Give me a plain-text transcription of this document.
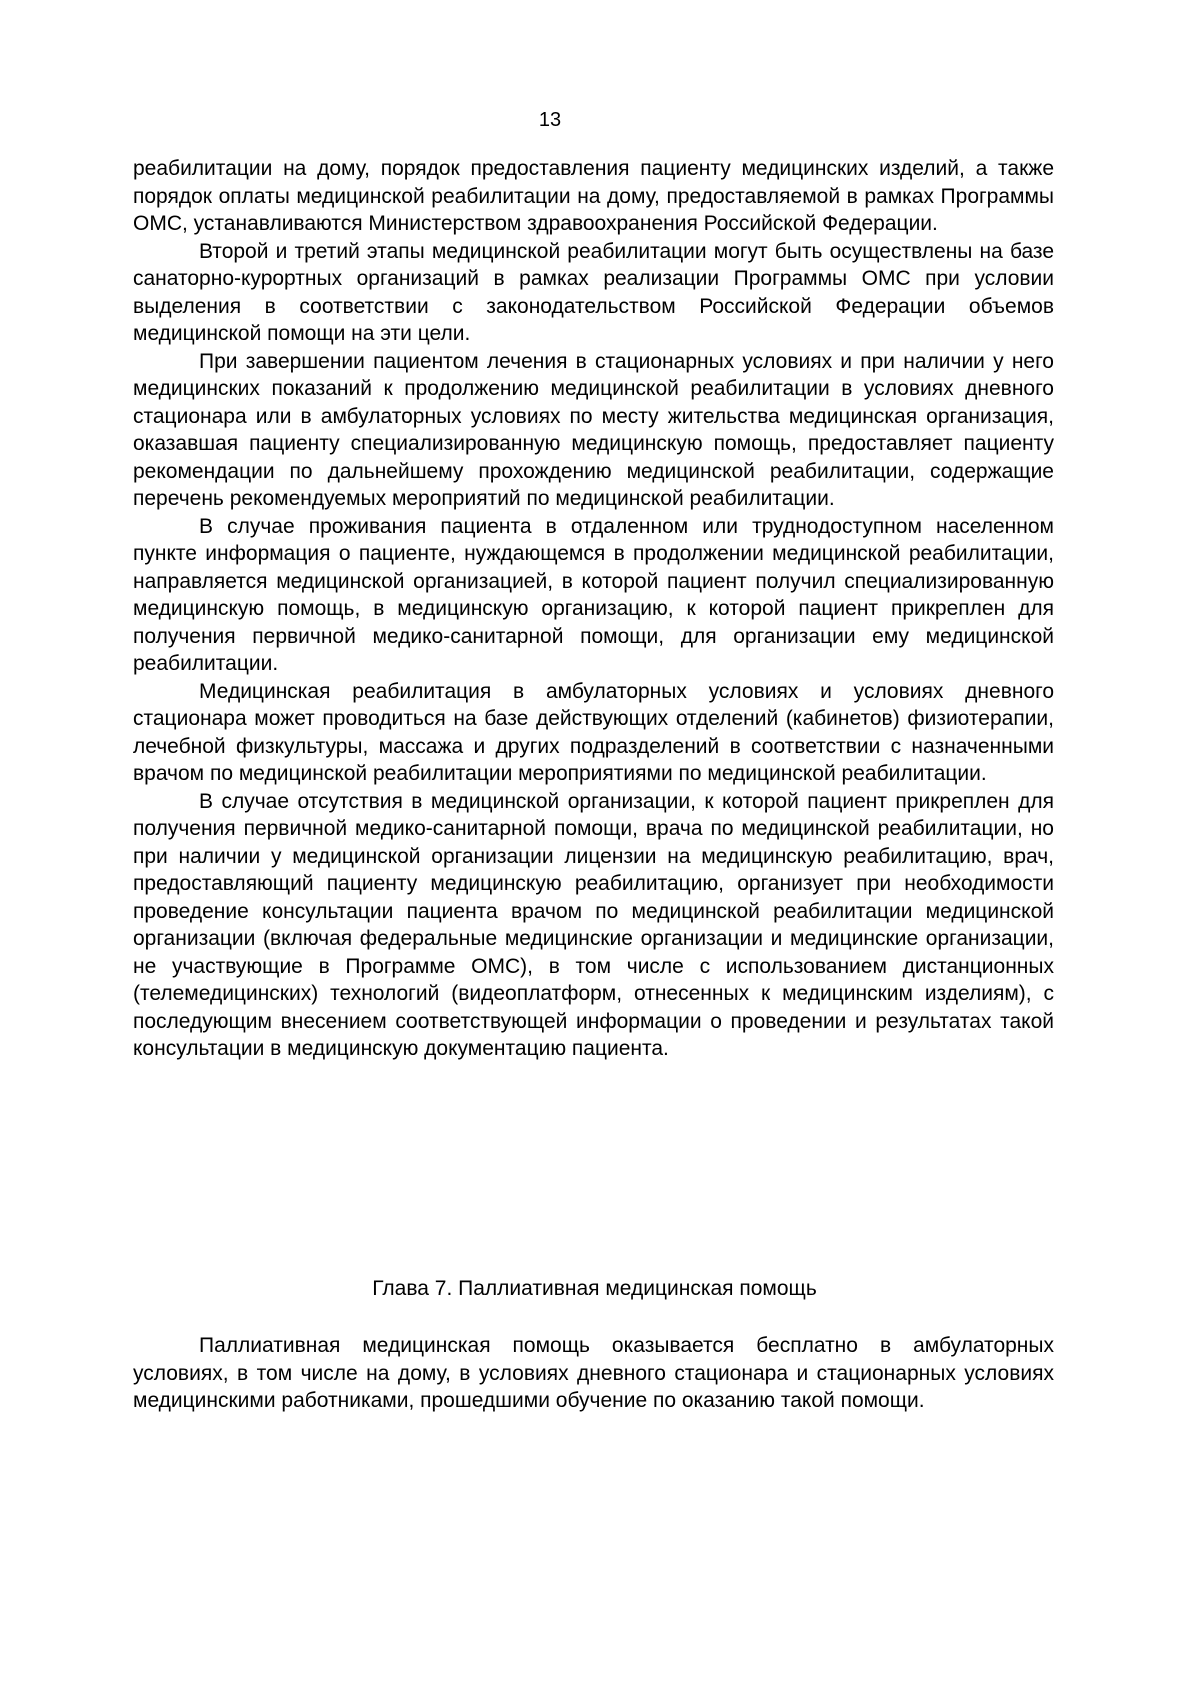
13

реабилитации на дому, порядок предоставления пациенту медицинских изделий, а также порядок оплаты медицинской реабилитации на дому, предоставляемой в рамках Программы ОМС, устанавливаются Министерством здравоохранения Российской Федерации.

Второй и третий этапы медицинской реабилитации могут быть осуществлены на базе санаторно-курортных организаций в рамках реализации Программы ОМС при условии выделения в соответствии с законодательством Российской Федерации объемов медицинской помощи на эти цели.

При завершении пациентом лечения в стационарных условиях и при наличии у него медицинских показаний к продолжению медицинской реабилитации в условиях дневного стационара или в амбулаторных условиях по месту жительства медицинская организация, оказавшая пациенту специализированную медицинскую помощь, предоставляет пациенту рекомендации по дальнейшему прохождению медицинской реабилитации, содержащие перечень рекомендуемых мероприятий по медицинской реабилитации.

В случае проживания пациента в отдаленном или труднодоступном населенном пункте информация о пациенте, нуждающемся в продолжении медицинской реабилитации, направляется медицинской организацией, в которой пациент получил специализированную медицинскую помощь, в медицинскую организацию, к которой пациент прикреплен для получения первичной медико-санитарной помощи, для организации ему медицинской реабилитации.

Медицинская реабилитация в амбулаторных условиях и условиях дневного стационара может проводиться на базе действующих отделений (кабинетов) физиотерапии, лечебной физкультуры, массажа и других подразделений в соответствии с назначенными врачом по медицинской реабилитации мероприятиями по медицинской реабилитации.

В случае отсутствия в медицинской организации, к которой пациент прикреплен для получения первичной медико-санитарной помощи, врача по медицинской реабилитации, но при наличии у медицинской организации лицензии на медицинскую реабилитацию, врач, предоставляющий пациенту медицинскую реабилитацию, организует при необходимости проведение консультации пациента врачом по медицинской реабилитации медицинской организации (включая федеральные медицинские организации и медицинские организации, не участвующие в Программе ОМС), в том числе с использованием дистанционных (телемедицинских) технологий (видеоплатформ, отнесенных к медицинским изделиям), с последующим внесением соответствующей информации о проведении и результатах такой консультации в медицинскую документацию пациента.

Глава 7. Паллиативная медицинская помощь

Паллиативная медицинская помощь оказывается бесплатно в амбулаторных условиях, в том числе на дому, в условиях дневного стационара и стационарных условиях медицинскими работниками, прошедшими обучение по оказанию такой помощи.
